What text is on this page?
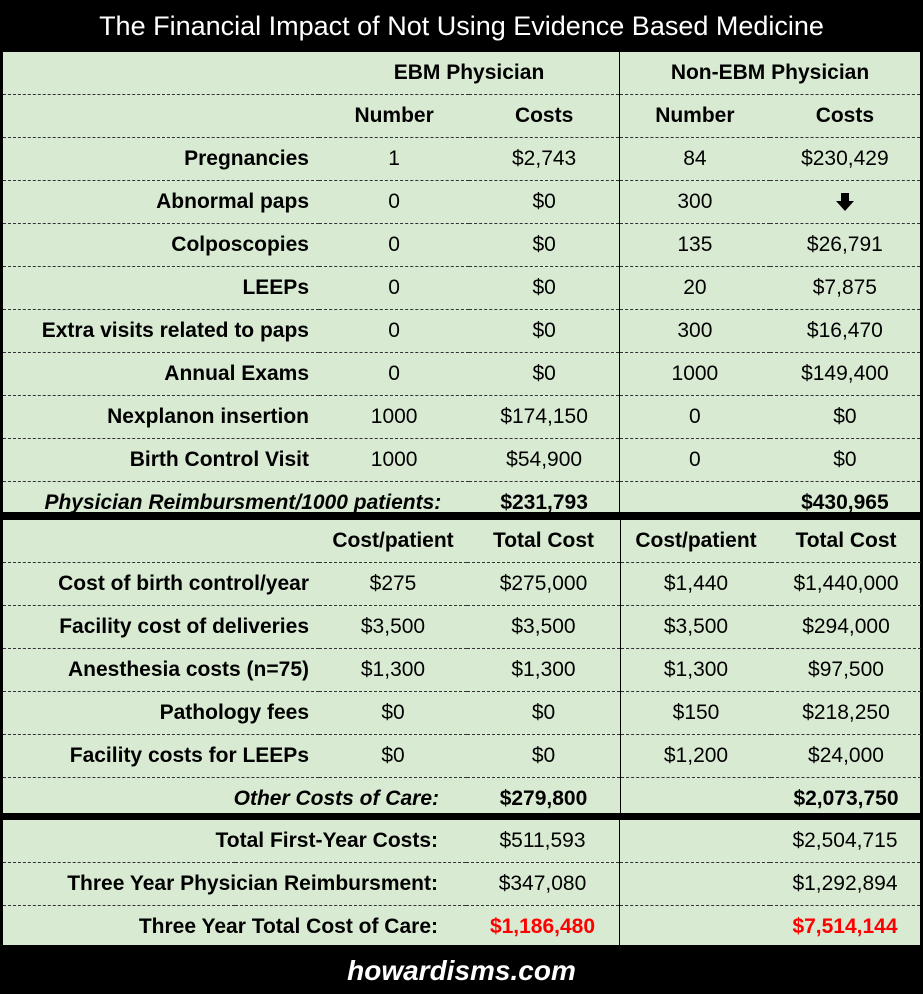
The Financial Impact of Not Using Evidence Based Medicine
	EBM Physician		Non-EBM Physician	
	Number	Costs	Number	Costs
Pregnancies	1	$2,743	84	$230,429
Abnormal paps	0	$0	300	
Colposcopies	0	$0	135	$26,791
LEEPs	0	$0	20	$7,875
Extra visits related to paps	0	$0	300	$16,470
Annual Exams	0	$0	1000	$149,400
Nexplanon insertion	1000	$174,150	0	$0
Birth Control Visit	1000	$54,900	0	$0
Physician Reimbursment/1000 patients:		$231,793		$430,965
	Cost/patient	Total Cost	Cost/patient	Total Cost
Cost of birth control/year	$275	$275,000	$1,440	$1,440,000
Facility cost of deliveries	$3,500	$3,500	$3,500	$294,000
Anesthesia costs (n=75)	$1,300	$1,300	$1,300	$97,500
Pathology fees	$0	$0	$150	$218,250
Facility costs for LEEPs	$0	$0	$1,200	$24,000
Other Costs of Care:		$279,800		$2,073,750
Total First-Year Costs:	$511,593		$2,504,715
Three Year Physician Reimbursment:	$347,080		$1,292,894
Three Year Total Cost of Care:	$1,186,480		$7,514,144
howardisms.com
